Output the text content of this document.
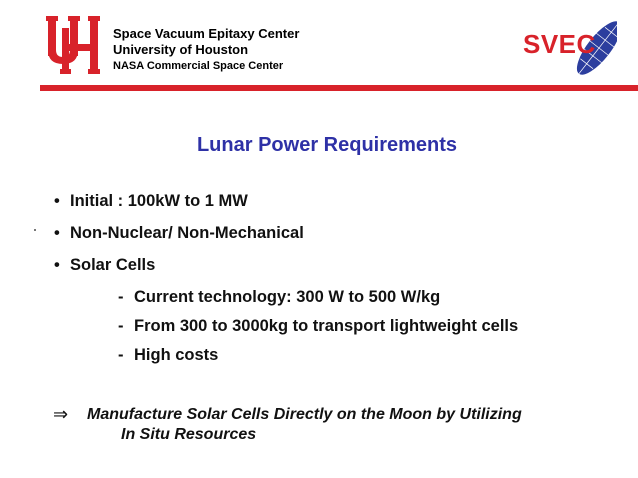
Space Vacuum Epitaxy Center
University of Houston
NASA Commercial Space Center
SVEC
Lunar Power Requirements
• Initial : 100kW to 1 MW
• Non-Nuclear/ Non-Mechanical
• Solar Cells
- Current technology: 300 W to 500 W/kg
- From 300 to 3000kg to transport lightweight cells
- High costs
⇒ Manufacture Solar Cells Directly on the Moon by Utilizing
In Situ Resources
